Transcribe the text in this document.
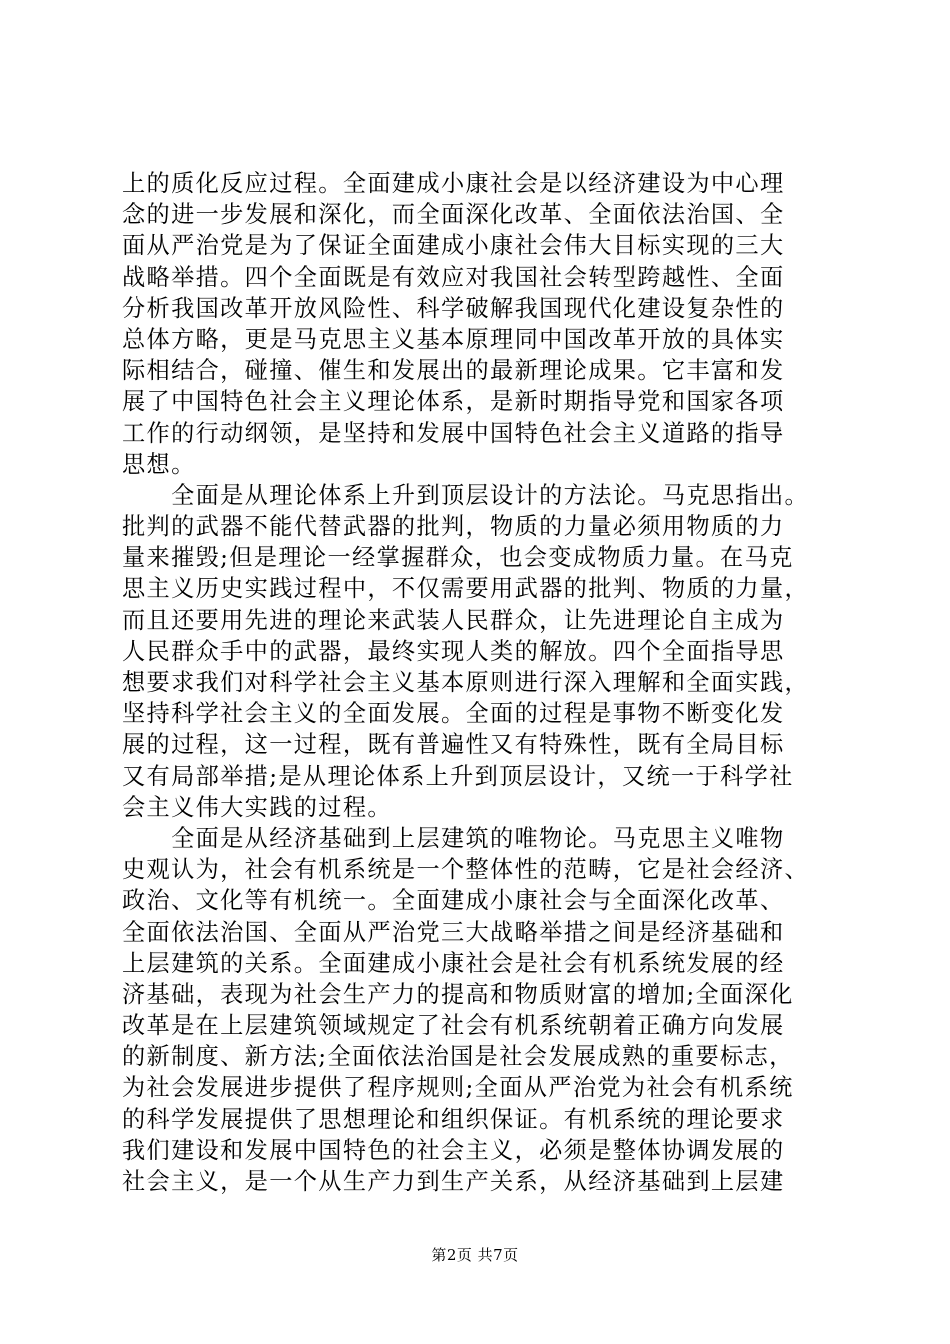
上的质化反应过程。全面建成小康社会是以经济建设为中心理
念的进一步发展和深化，而全面深化改革、全面依法治国、全
面从严治党是为了保证全面建成小康社会伟大目标实现的三大
战略举措。四个全面既是有效应对我国社会转型跨越性、全面
分析我国改革开放风险性、科学破解我国现代化建设复杂性的
总体方略，更是马克思主义基本原理同中国改革开放的具体实
际相结合，碰撞、催生和发展出的最新理论成果。它丰富和发
展了中国特色社会主义理论体系，是新时期指导党和国家各项
工作的行动纲领，是坚持和发展中国特色社会主义道路的指导
思想。
　　全面是从理论体系上升到顶层设计的方法论。马克思指出。
批判的武器不能代替武器的批判，物质的力量必须用物质的力
量来摧毁;但是理论一经掌握群众，也会变成物质力量。在马克
思主义历史实践过程中，不仅需要用武器的批判、物质的力量，
而且还要用先进的理论来武装人民群众，让先进理论自主成为
人民群众手中的武器，最终实现人类的解放。四个全面指导思
想要求我们对科学社会主义基本原则进行深入理解和全面实践，
坚持科学社会主义的全面发展。全面的过程是事物不断变化发
展的过程，这一过程，既有普遍性又有特殊性，既有全局目标
又有局部举措;是从理论体系上升到顶层设计，又统一于科学社
会主义伟大实践的过程。
　　全面是从经济基础到上层建筑的唯物论。马克思主义唯物
史观认为，社会有机系统是一个整体性的范畴，它是社会经济、
政治、文化等有机统一。全面建成小康社会与全面深化改革、
全面依法治国、全面从严治党三大战略举措之间是经济基础和
上层建筑的关系。全面建成小康社会是社会有机系统发展的经
济基础，表现为社会生产力的提高和物质财富的增加;全面深化
改革是在上层建筑领域规定了社会有机系统朝着正确方向发展
的新制度、新方法;全面依法治国是社会发展成熟的重要标志，
为社会发展进步提供了程序规则;全面从严治党为社会有机系统
的科学发展提供了思想理论和组织保证。有机系统的理论要求
我们建设和发展中国特色的社会主义，必须是整体协调发展的
社会主义，是一个从生产力到生产关系，从经济基础到上层建
第2页 共7页
